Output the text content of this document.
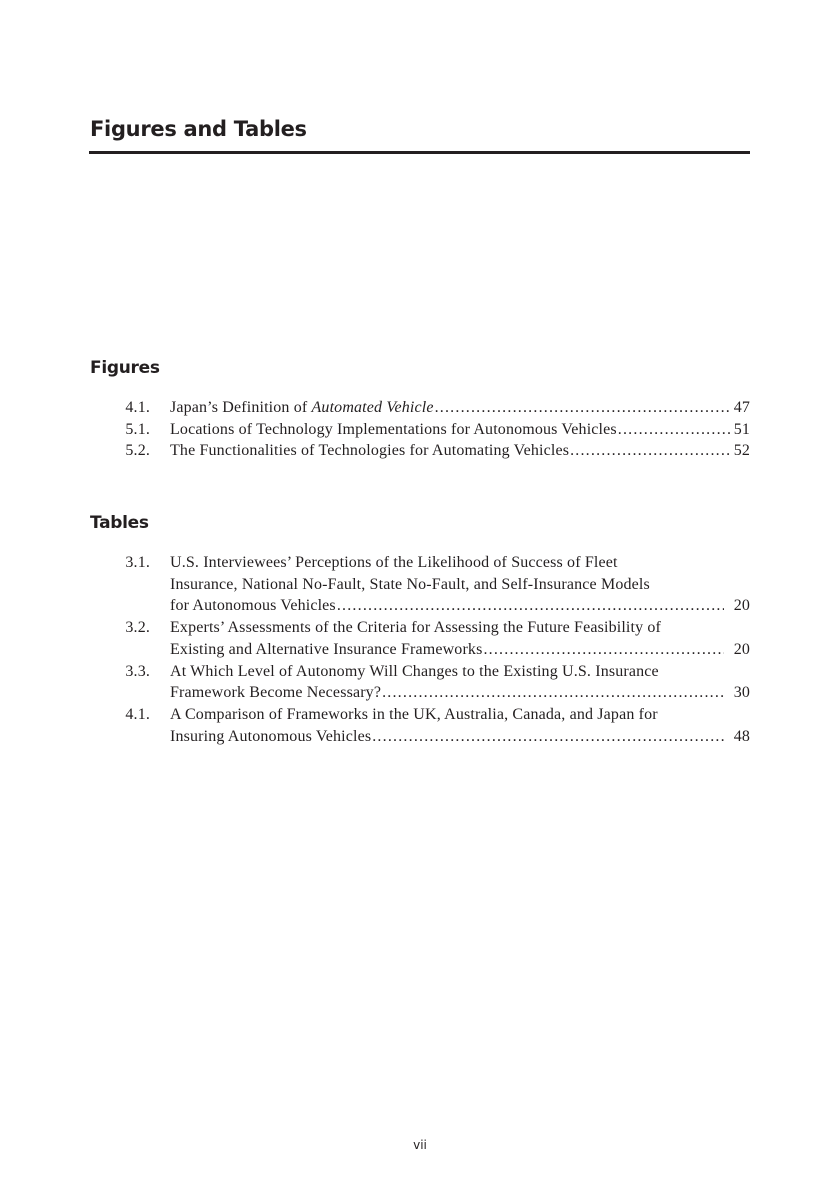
Figures and Tables
Figures
4.1.	Japan’s Definition of Automated Vehicle . . .	47
5.1.	Locations of Technology Implementations for Autonomous Vehicles . . .	51
5.2.	The Functionalities of Technologies for Automating Vehicles . . .	52
Tables
3.1.	U.S. Interviewees’ Perceptions of the Likelihood of Success of Fleet
Insurance, National No-Fault, State No-Fault, and Self-Insurance Models
for Autonomous Vehicles . . .	20
3.2.	Experts’ Assessments of the Criteria for Assessing the Future Feasibility of
Existing and Alternative Insurance Frameworks . . .	20
3.3.	At Which Level of Autonomy Will Changes to the Existing U.S. Insurance
Framework Become Necessary? . . .	30
4.1.	A Comparison of Frameworks in the UK, Australia, Canada, and Japan for
Insuring Autonomous Vehicles . . .	48
vii
